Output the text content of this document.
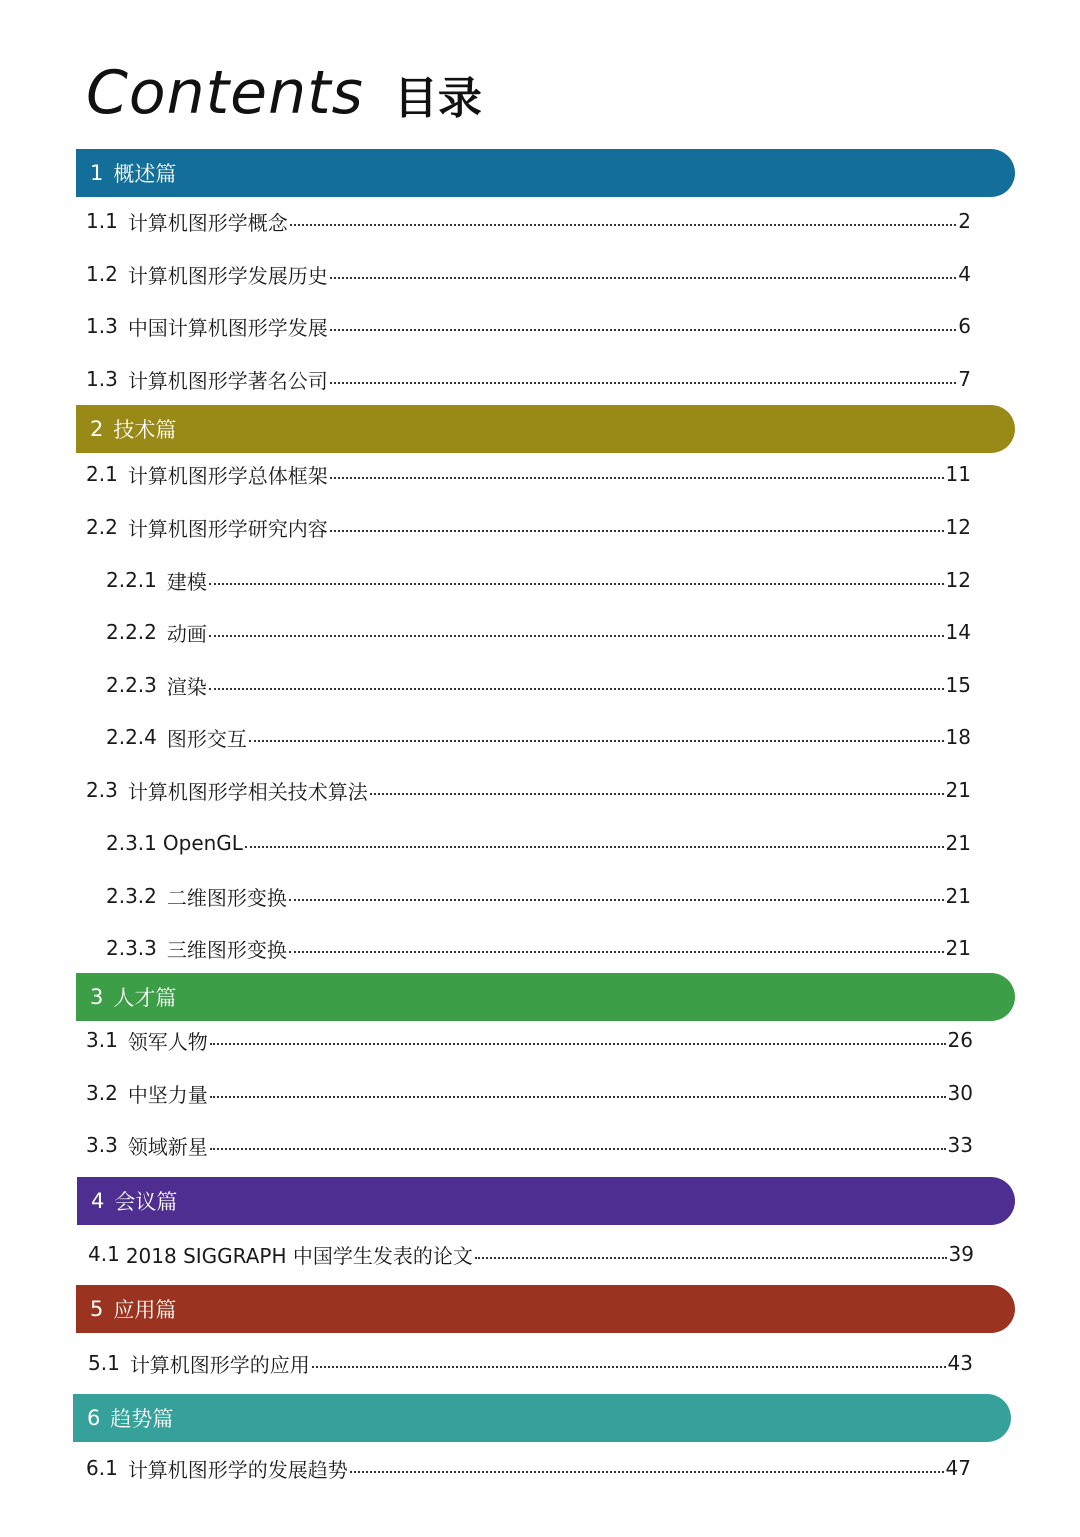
Contents 目录
1 概述篇
2 技术篇
3 人才篇
4 会议篇
5 应用篇
6 趋势篇
1.1 计算机图形学概念	2
1.2 计算机图形学发展历史	4
1.3 中国计算机图形学发展	6
1.3 计算机图形学著名公司	7
2.1 计算机图形学总体框架	11
2.2 计算机图形学研究内容	12
2.2.1 建模	12
2.2.2 动画	14
2.2.3 渲染	15
2.2.4 图形交互	18
2.3 计算机图形学相关技术算法	21
2.3.1 OpenGL	21
2.3.2 二维图形变换	21
2.3.3 三维图形变换	21
3.1 领军人物	26
3.2 中坚力量	30
3.3 领域新星	33
4.1 2018 SIGGRAPH 中国学生发表的论文	39
5.1 计算机图形学的应用	43
6.1 计算机图形学的发展趋势	47
